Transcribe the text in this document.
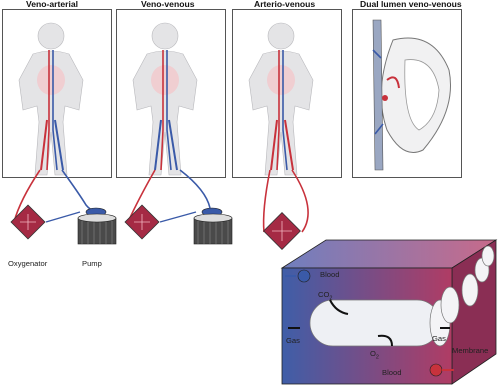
Veno-arterial	Veno-venous	Arterio-venous	Dual lumen veno-venous
Oxygenator	Pump
Blood
$CO_2$
Gas	Gas
$O_2$
Blood
Membrane
